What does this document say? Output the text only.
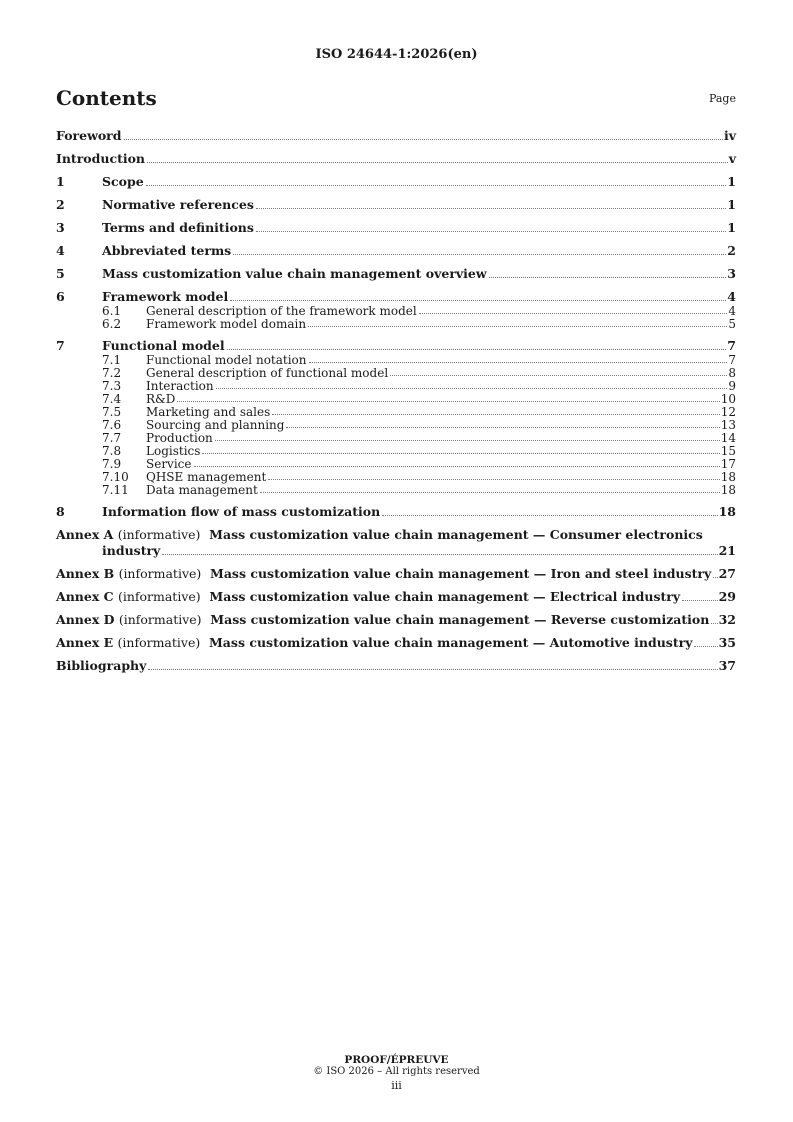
ISO 24644-1:2026(en)
Contents	Page
Foreword	iv
Introduction	v
1	Scope	1
2	Normative references	1
3	Terms and definitions	1
4	Abbreviated terms	2
5	Mass customization value chain management overview	3
6	Framework model	4
6.1	General description of the framework model	4
6.2	Framework model domain	5
7	Functional model	7
7.1	Functional model notation	7
7.2	General description of functional model	8
7.3	Interaction	9
7.4	R&D	10
7.5	Marketing and sales	12
7.6	Sourcing and planning	13
7.7	Production	14
7.8	Logistics	15
7.9	Service	17
7.10	QHSE management	18
7.11	Data management	18
8	Information flow of mass customization	18
Annex A (informative) Mass customization value chain management — Consumer electronics
industry	21
Annex B (informative) Mass customization value chain management — Iron and steel industry 27
Annex C (informative) Mass customization value chain management — Electrical industry	29
Annex D (informative) Mass customization value chain management — Reverse customization 32
Annex E (informative) Mass customization value chain management — Automotive industry 35
Bibliography	37
PROOF/ÉPREUVE
© ISO 2026 – All rights reserved
iii
